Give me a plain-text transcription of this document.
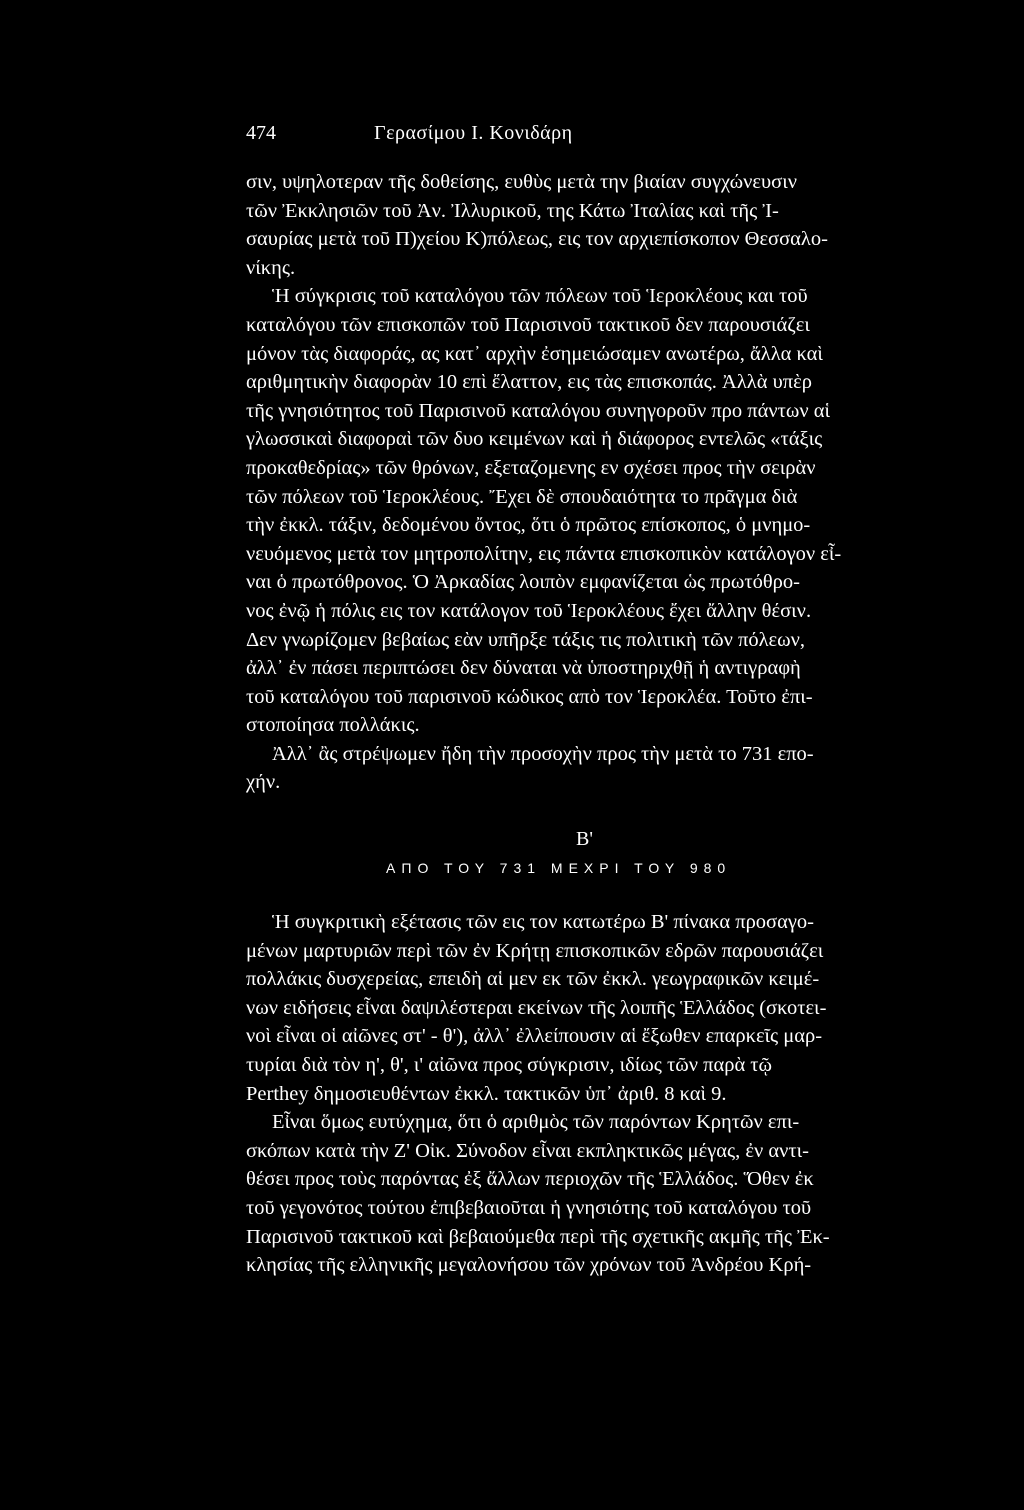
474	Γερασίμου Ι. Κονιδάρη
σιν, υψηλοτεραν τῆς δοθείσης, ευθὺς μετὰ την βιαίαν συγχώνευσιν
τῶν Ἐκκλησιῶν τοῦ Ἀν. Ἰλλυρικοῦ, της Κάτω Ἰταλίας καὶ τῆς Ἰ-
σαυρίας μετὰ τοῦ Π)χείου Κ)πόλεως, εις τον αρχιεπίσκοπον Θεσσαλο-
νίκης.
Ἡ σύγκρισις τοῦ καταλόγου τῶν πόλεων τοῦ Ἱεροκλέους και τοῦ
καταλόγου τῶν επισκοπῶν τοῦ Παρισινοῦ τακτικοῦ δεν παρουσιάζει
μόνον τὰς διαφοράς, ας κατ᾽ αρχὴν ἐσημειώσαμεν ανωτέρω, ἄλλα καὶ
αριθμητικὴν διαφορὰν 10 επὶ ἔλαττον, εις τὰς επισκοπάς. Ἀλλὰ υπὲρ
τῆς γνησιότητος τοῦ Παρισινοῦ καταλόγου συνηγοροῦν προ πάντων αἱ
γλωσσικαὶ διαφοραὶ τῶν δυο κειμένων καὶ ἡ διάφορος εντελῶς «τάξις
προκαθεδρίας» τῶν θρόνων, εξεταζομενης εν σχέσει προς τὴν σειρὰν
τῶν πόλεων τοῦ Ἱεροκλέους. Ἔχει δὲ σπουδαιότητα το πρᾶγμα διὰ
τὴν ἐκκλ. τάξιν, δεδομένου ὄντος, ὅτι ὁ πρῶτος επίσκοπος, ὁ μνημο-
νευόμενος μετὰ τον μητροπολίτην, εις πάντα επισκοπικὸν κατάλογον εἶ-
ναι ὁ πρωτόθρονος. Ὁ Ἀρκαδίας λοιπὸν εμφανίζεται ὡς πρωτόθρο-
νος ἐνῷ ἡ πόλις εις τον κατάλογον τοῦ Ἱεροκλέους ἔχει ἄλλην θέσιν.
Δεν γνωρίζομεν βεβαίως εὰν υπῆρξε τάξις τις πολιτικὴ τῶν πόλεων,
ἀλλ᾽ ἐν πάσει περιπτώσει δεν δύναται νὰ ὑποστηριχθῇ ἡ αντιγραφὴ
τοῦ καταλόγου τοῦ παρισινοῦ κώδικος απὸ τον Ἱεροκλέα. Τοῦτο ἐπι-
στοποίησα πολλάκις.
Ἀλλ᾽ ἂς στρέψωμεν ἤδη τὴν προσοχὴν προς τὴν μετὰ το 731 επο-
χήν.
Β'
ΑΠΟ ΤΟΥ 731 ΜΕΧΡΙ ΤΟΥ 980
Ἡ συγκριτικὴ εξέτασις τῶν εις τον κατωτέρω Β' πίνακα προσαγο-
μένων μαρτυριῶν περὶ τῶν ἐν Κρήτῃ επισκοπικῶν εδρῶν παρουσιάζει
πολλάκις δυσχερείας, επειδὴ αἱ μεν εκ τῶν ἐκκλ. γεωγραφικῶν κειμέ-
νων ειδήσεις εἶναι δαψιλέστεραι εκείνων τῆς λοιπῆς Ἑλλάδος (σκοτει-
νοὶ εἶναι οἱ αἰῶνες στ' - θ'), ἀλλ᾽ ἐλλείπουσιν αἱ ἔξωθεν επαρκεῖς μαρ-
τυρίαι διὰ τὸν η', θ', ι' αἰῶνα προς σύγκρισιν, ιδίως τῶν παρὰ τῷ
Perthey δημοσιευθέντων ἐκκλ. τακτικῶν ὑπ᾽ ἀριθ. 8 καὶ 9.
Εἶναι ὅμως ευτύχημα, ὅτι ὁ αριθμὸς τῶν παρόντων Κρητῶν επι-
σκόπων κατὰ τὴν Ζ' Οἰκ. Σύνοδον εἶναι εκπληκτικῶς μέγας, ἐν αντι-
θέσει προς τοὺς παρόντας ἐξ ἄλλων περιοχῶν τῆς Ἑλλάδος. Ὅθεν ἐκ
τοῦ γεγονότος τούτου ἐπιβεβαιοῦται ἡ γνησιότης τοῦ καταλόγου τοῦ
Παρισινοῦ τακτικοῦ καὶ βεβαιούμεθα περὶ τῆς σχετικῆς ακμῆς τῆς Ἐκ-
κλησίας τῆς ελληνικῆς μεγαλονήσου τῶν χρόνων τοῦ Ἀνδρέου Κρή-
